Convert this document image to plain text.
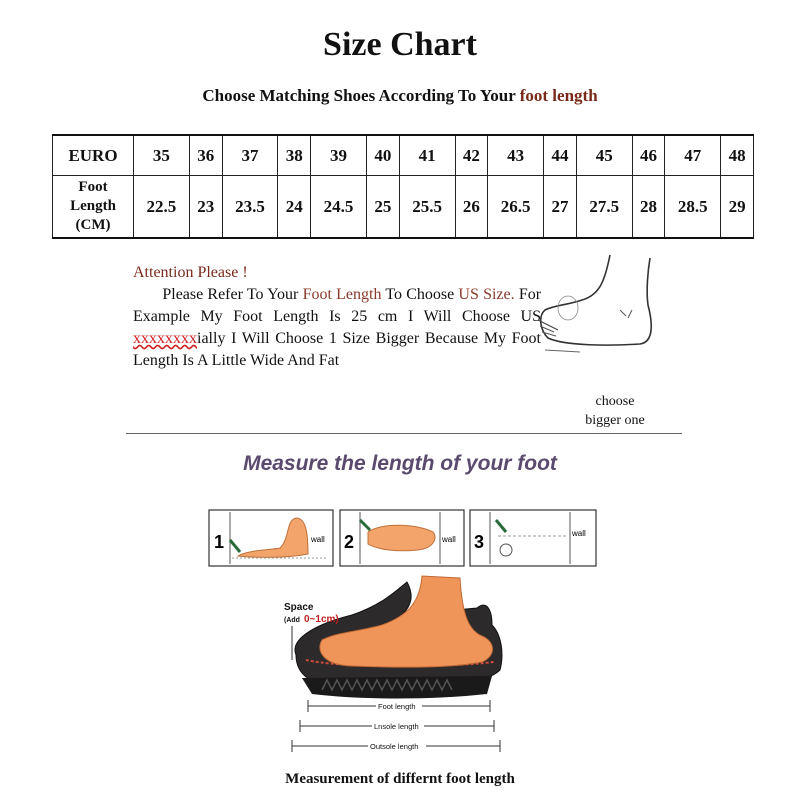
Size Chart
Choose Matching Shoes According To Your foot length
EURO	35	36	37	38	39	40	41	42	43	44	45	46	47	48
Foot
Length
(CM)	22.5	23	23.5	24	24.5	25	25.5	26	26.5	27	27.5	28	28.5	29
Attention Please !

Please Refer To Your Foot Length To Choose US Size. For Example My Foot Length Is 25 cm I Will Choose US xxxxxxxxially I Will Choose 1 Size Bigger Because My Foot Length Is A Little Wide And Fat

choose
bigger one
Measure the length of your foot
1	wall 2	wall 3	wall
Space
(Add 0~1cm)
Foot length
Lnsole length
Outsole length
Measurement of differnt foot length
